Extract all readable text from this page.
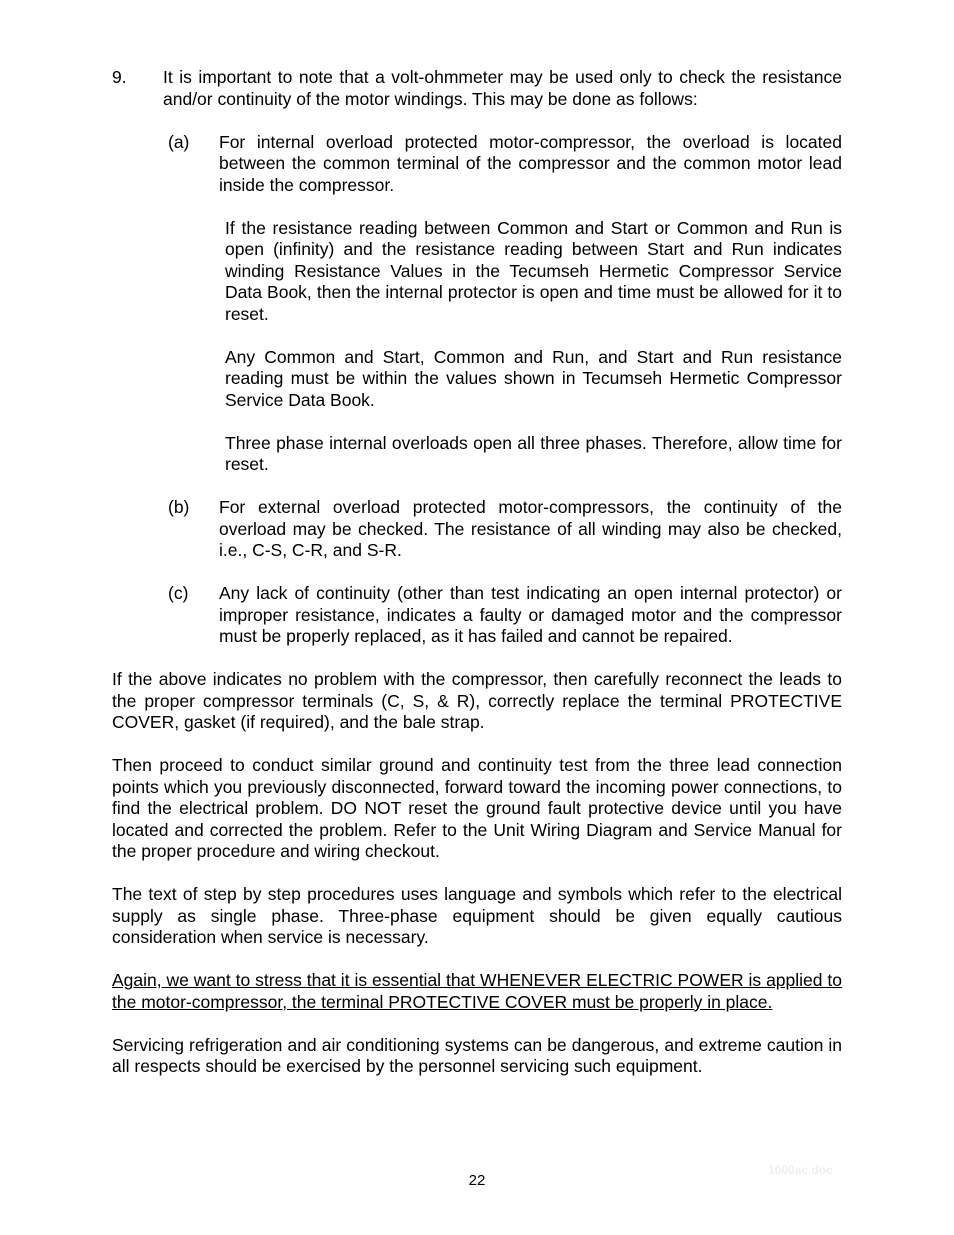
9. It is important to note that a volt-ohmmeter may be used only to check the resistance and/or continuity of the motor windings. This may be done as follows:

(a) For internal overload protected motor-compressor, the overload is located between the common terminal of the compressor and the common motor lead inside the compressor.

If the resistance reading between Common and Start or Common and Run is open (infinity) and the resistance reading between Start and Run indicates winding Resistance Values in the Tecumseh Hermetic Compressor Service Data Book, then the internal protector is open and time must be allowed for it to reset.

Any Common and Start, Common and Run, and Start and Run resistance reading must be within the values shown in Tecumseh Hermetic Compressor Service Data Book.

Three phase internal overloads open all three phases. Therefore, allow time for reset.

(b) For external overload protected motor-compressors, the continuity of the overload may be checked. The resistance of all winding may also be checked, i.e., C-S, C-R, and S-R.

(c) Any lack of continuity (other than test indicating an open internal protector) or improper resistance, indicates a faulty or damaged motor and the compressor must be properly replaced, as it has failed and cannot be repaired.

If the above indicates no problem with the compressor, then carefully reconnect the leads to the proper compressor terminals (C, S, & R), correctly replace the terminal PROTECTIVE COVER, gasket (if required), and the bale strap.

Then proceed to conduct similar ground and continuity test from the three lead connection points which you previously disconnected, forward toward the incoming power connections, to find the electrical problem. DO NOT reset the ground fault protective device until you have located and corrected the problem. Refer to the Unit Wiring Diagram and Service Manual for the proper procedure and wiring checkout.

The text of step by step procedures uses language and symbols which refer to the electrical supply as single phase. Three-phase equipment should be given equally cautious consideration when service is necessary.

Again, we want to stress that it is essential that WHENEVER ELECTRIC POWER is applied to the motor-compressor, the terminal PROTECTIVE COVER must be properly in place.

Servicing refrigeration and air conditioning systems can be dangerous, and extreme caution in all respects should be exercised by the personnel servicing such equipment.

22
1000ac.doc
